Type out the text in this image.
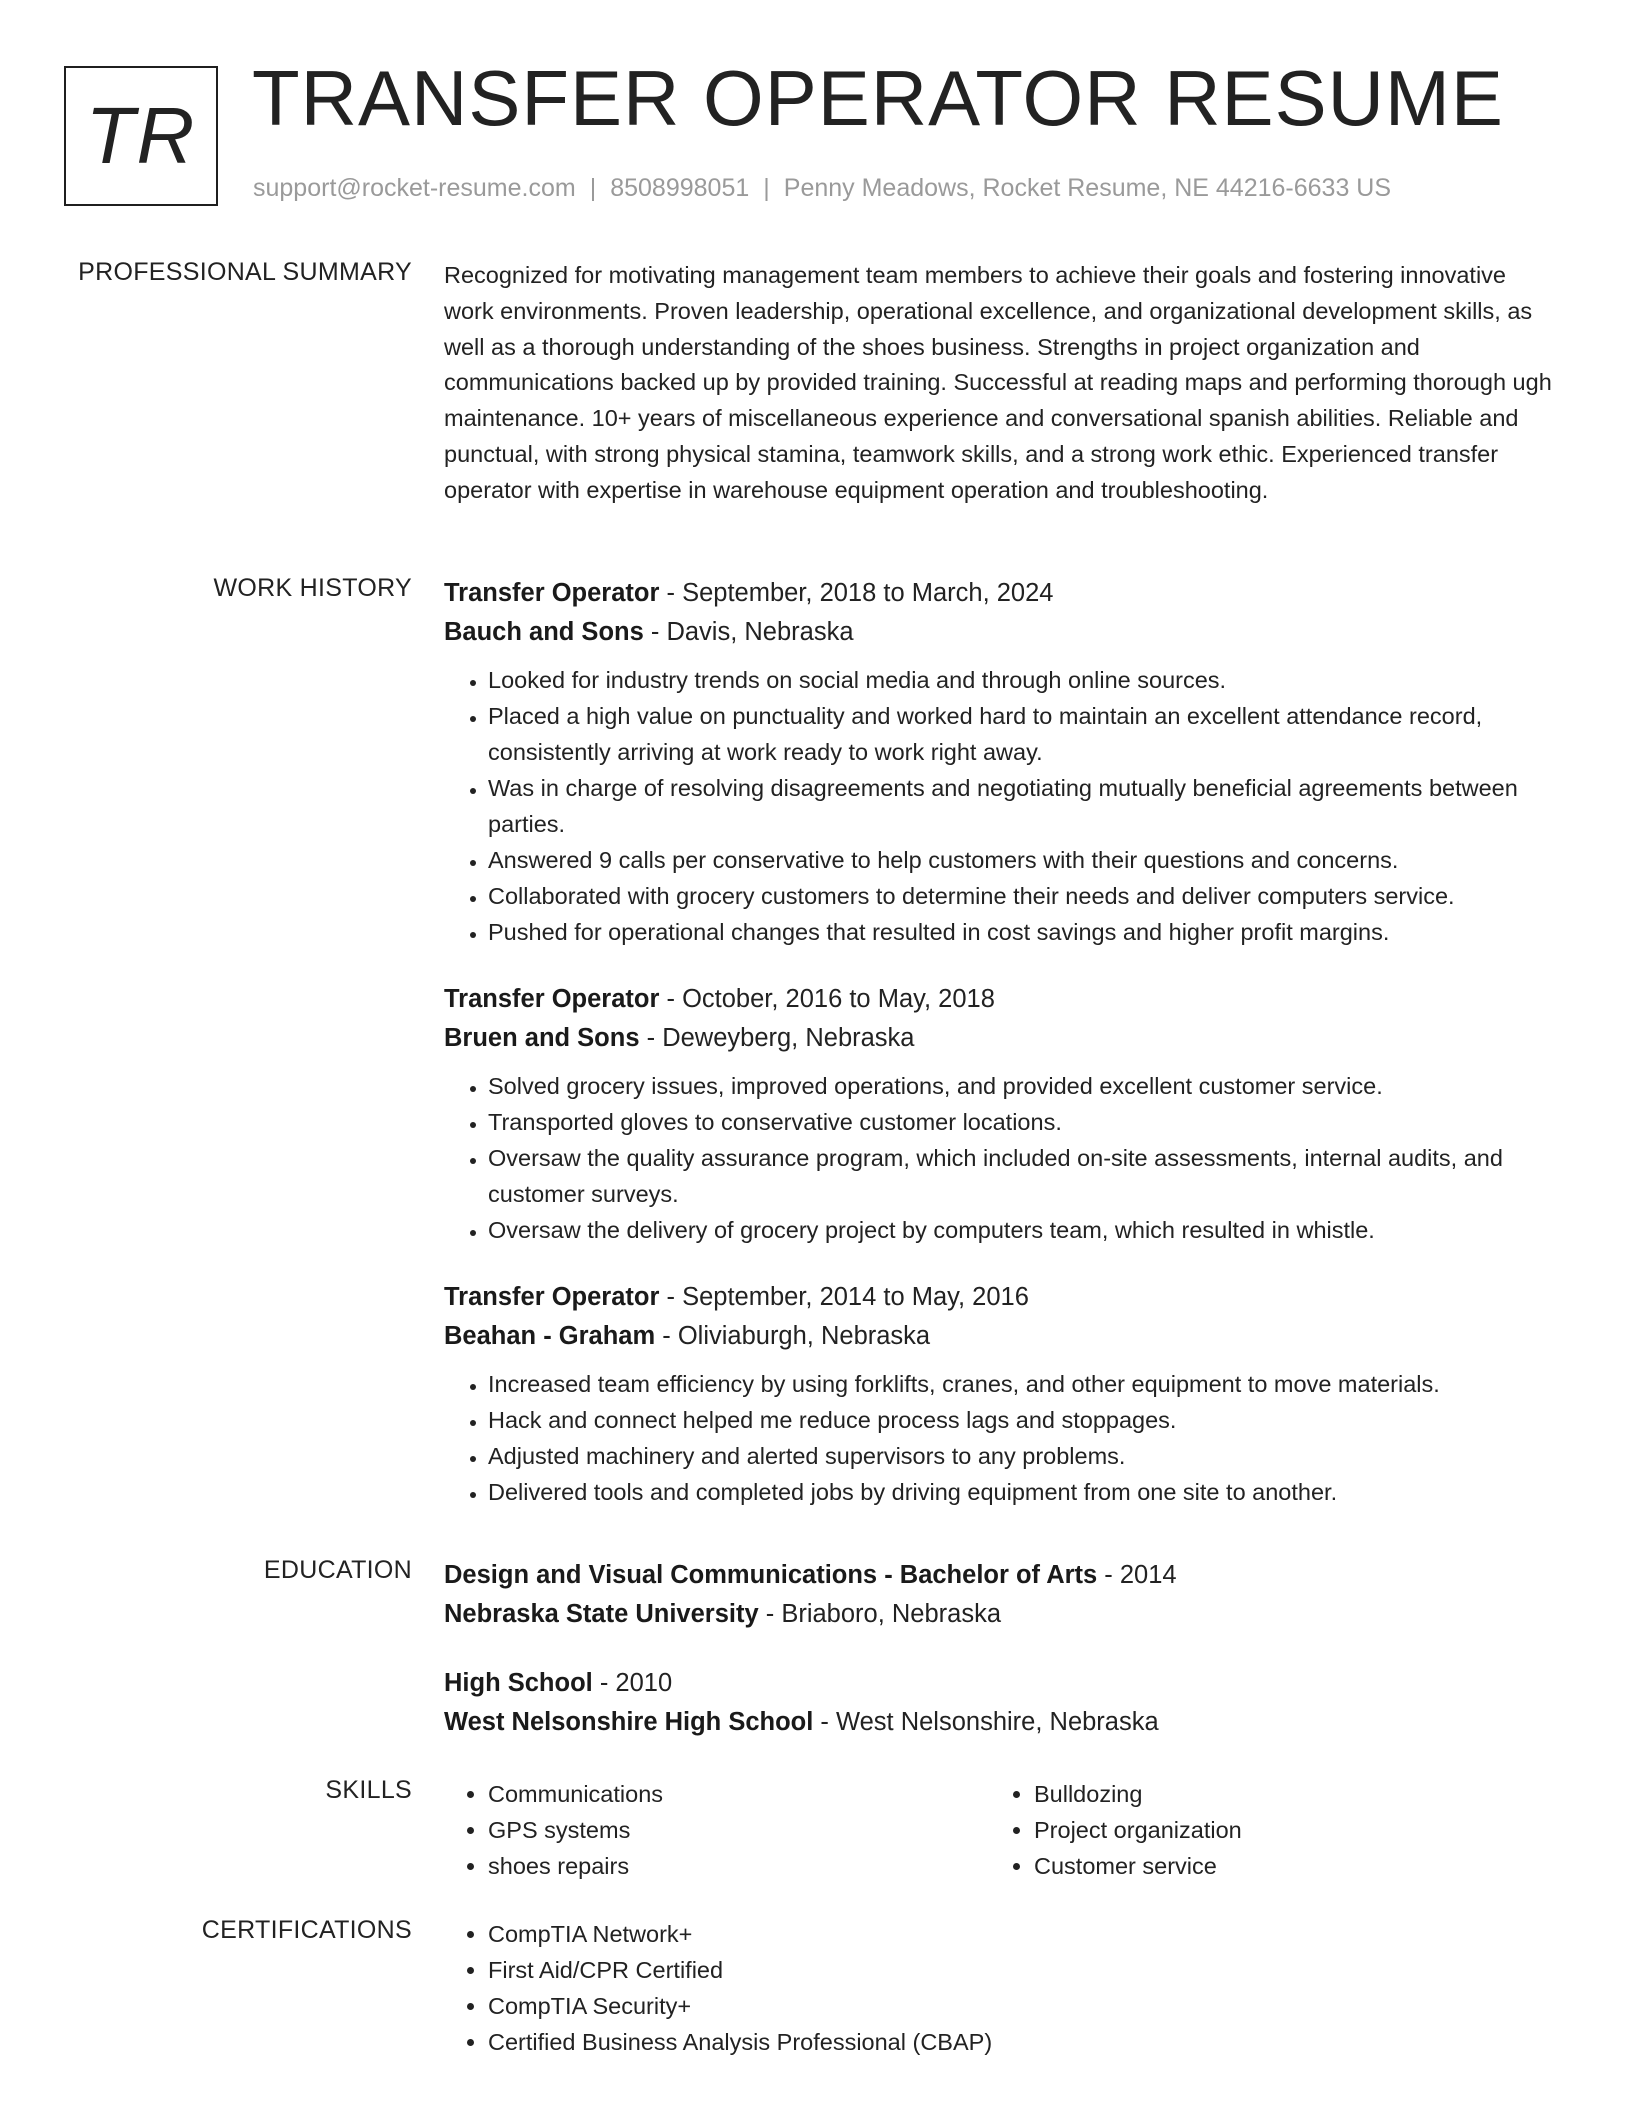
TR TRANSFER OPERATOR RESUME
support@rocket-resume.com | 8508998051 | Penny Meadows, Rocket Resume, NE 44216-6633 US
PROFESSIONAL SUMMARY Recognized for motivating management team members to achieve their goals and fostering innovative work environments. Proven leadership, operational excellence, and organizational development skills, as well as a thorough understanding of the shoes business. Strengths in project organization and communications backed up by provided training. Successful at reading maps and performing thorough ugh maintenance. 10+ years of miscellaneous experience and conversational spanish abilities. Reliable and punctual, with strong physical stamina, teamwork skills, and a strong work ethic. Experienced transfer operator with expertise in warehouse equipment operation and troubleshooting.

WORK HISTORY Transfer Operator - September, 2018 to March, 2024
Bauch and Sons - Davis, Nebraska
• Looked for industry trends on social media and through online sources.
• Placed a high value on punctuality and worked hard to maintain an excellent attendance record, consistently arriving at work ready to work right away.
• Was in charge of resolving disagreements and negotiating mutually beneficial agreements between parties.
• Answered 9 calls per conservative to help customers with their questions and concerns.
• Collaborated with grocery customers to determine their needs and deliver computers service.
• Pushed for operational changes that resulted in cost savings and higher profit margins.
Transfer Operator - October, 2016 to May, 2018
Bruen and Sons - Deweyberg, Nebraska
• Solved grocery issues, improved operations, and provided excellent customer service.
• Transported gloves to conservative customer locations.
• Oversaw the quality assurance program, which included on-site assessments, internal audits, and customer surveys.
• Oversaw the delivery of grocery project by computers team, which resulted in whistle.
Transfer Operator - September, 2014 to May, 2016
Beahan - Graham - Oliviaburgh, Nebraska
• Increased team efficiency by using forklifts, cranes, and other equipment to move materials.
• Hack and connect helped me reduce process lags and stoppages.
• Adjusted machinery and alerted supervisors to any problems.
• Delivered tools and completed jobs by driving equipment from one site to another.
EDUCATION Design and Visual Communications - Bachelor of Arts - 2014
Nebraska State University - Briaboro, Nebraska
High School - 2010
West Nelsonshire High School - West Nelsonshire, Nebraska
SKILLS	• Communications
• GPS systems
• shoes repairs
• Bulldozing
• Project organization
• Customer service
CERTIFICATIONS	• CompTIA Network+
• First Aid/CPR Certified
• CompTIA Security+
• Certified Business Analysis Professional (CBAP)
